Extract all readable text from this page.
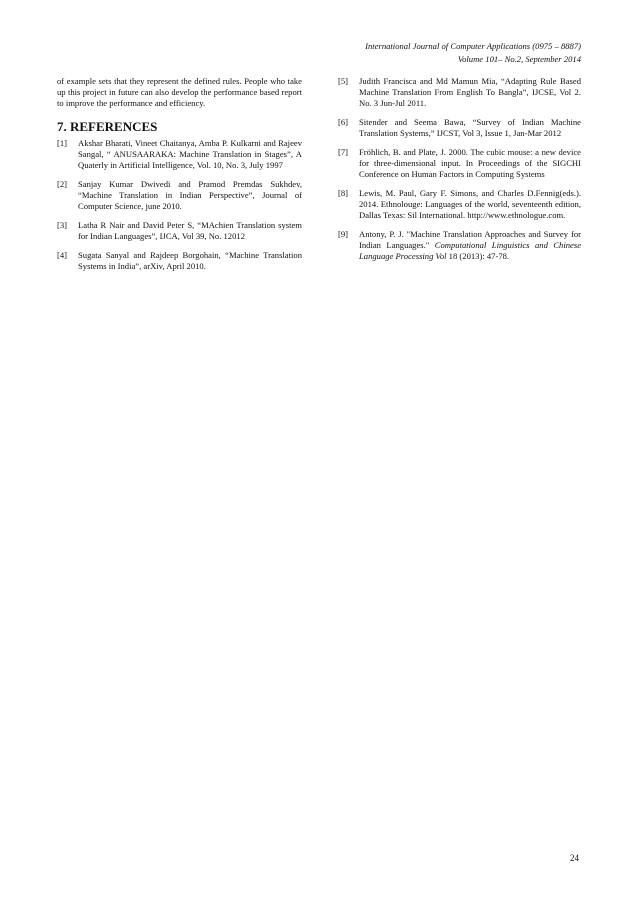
International Journal of Computer Applications (0975 – 8887)
Volume 101– No.2, September 2014

of example sets that they represent the defined rules. People who take up this project in future can also develop the performance based report to improve the performance and efficiency.

7. REFERENCES
[1]	Akshar Bharati, Vineet Chaitanya, Amba P. Kulkarni and Rajeev Sangal, “ ANUSAARAKA: Machine Translation in Stages”, A Quaterly in Artificial Intelligence, Vol. 10, No. 3, July 1997
[2]	Sanjay Kumar Dwivedi and Pramod Premdas Sukhdev, “Machine Translation in Indian Perspective”, Journal of Computer Science, june 2010.
[3]	Latha R Nair and David Peter S, “MAchien Translation system for Indian Languages”, IJCA, Vol 39, No. 12012
[4]	Sugata Sanyal and Rajdeep Borgohain, “Machine Translation Systems in India”, arXiv, April 2010.
[5]	Judith Francisca and Md Mamun Mia, “Adapting Rule Based Machine Translation From English To Bangla”, IJCSE, Vol 2. No. 3 Jun-Jul 2011.
[6]	Sitender and Seema Bawa, “Survey of Indian Machine Translation Systems,” IJCST, Vol 3, Issue 1, Jan-Mar 2012
[7]	Fröhlich, B. and Plate, J. 2000. The cubic mouse: a new device for three-dimensional input. In Proceedings of the SIGCHI Conference on Human Factors in Computing Systems
[8]	Lewis, M. Paul, Gary F. Simons, and Charles D.Fennig(eds.). 2014. Ethnolouge: Languages of the world, seventeenth edition, Dallas Texas: Sil International. http://www.ethnologue.com.
[9]	Antony, P. J. "Machine Translation Approaches and Survey for Indian Languages." Computational Linguistics and Chinese Language Processing Vol 18 (2013): 47-78.
24
